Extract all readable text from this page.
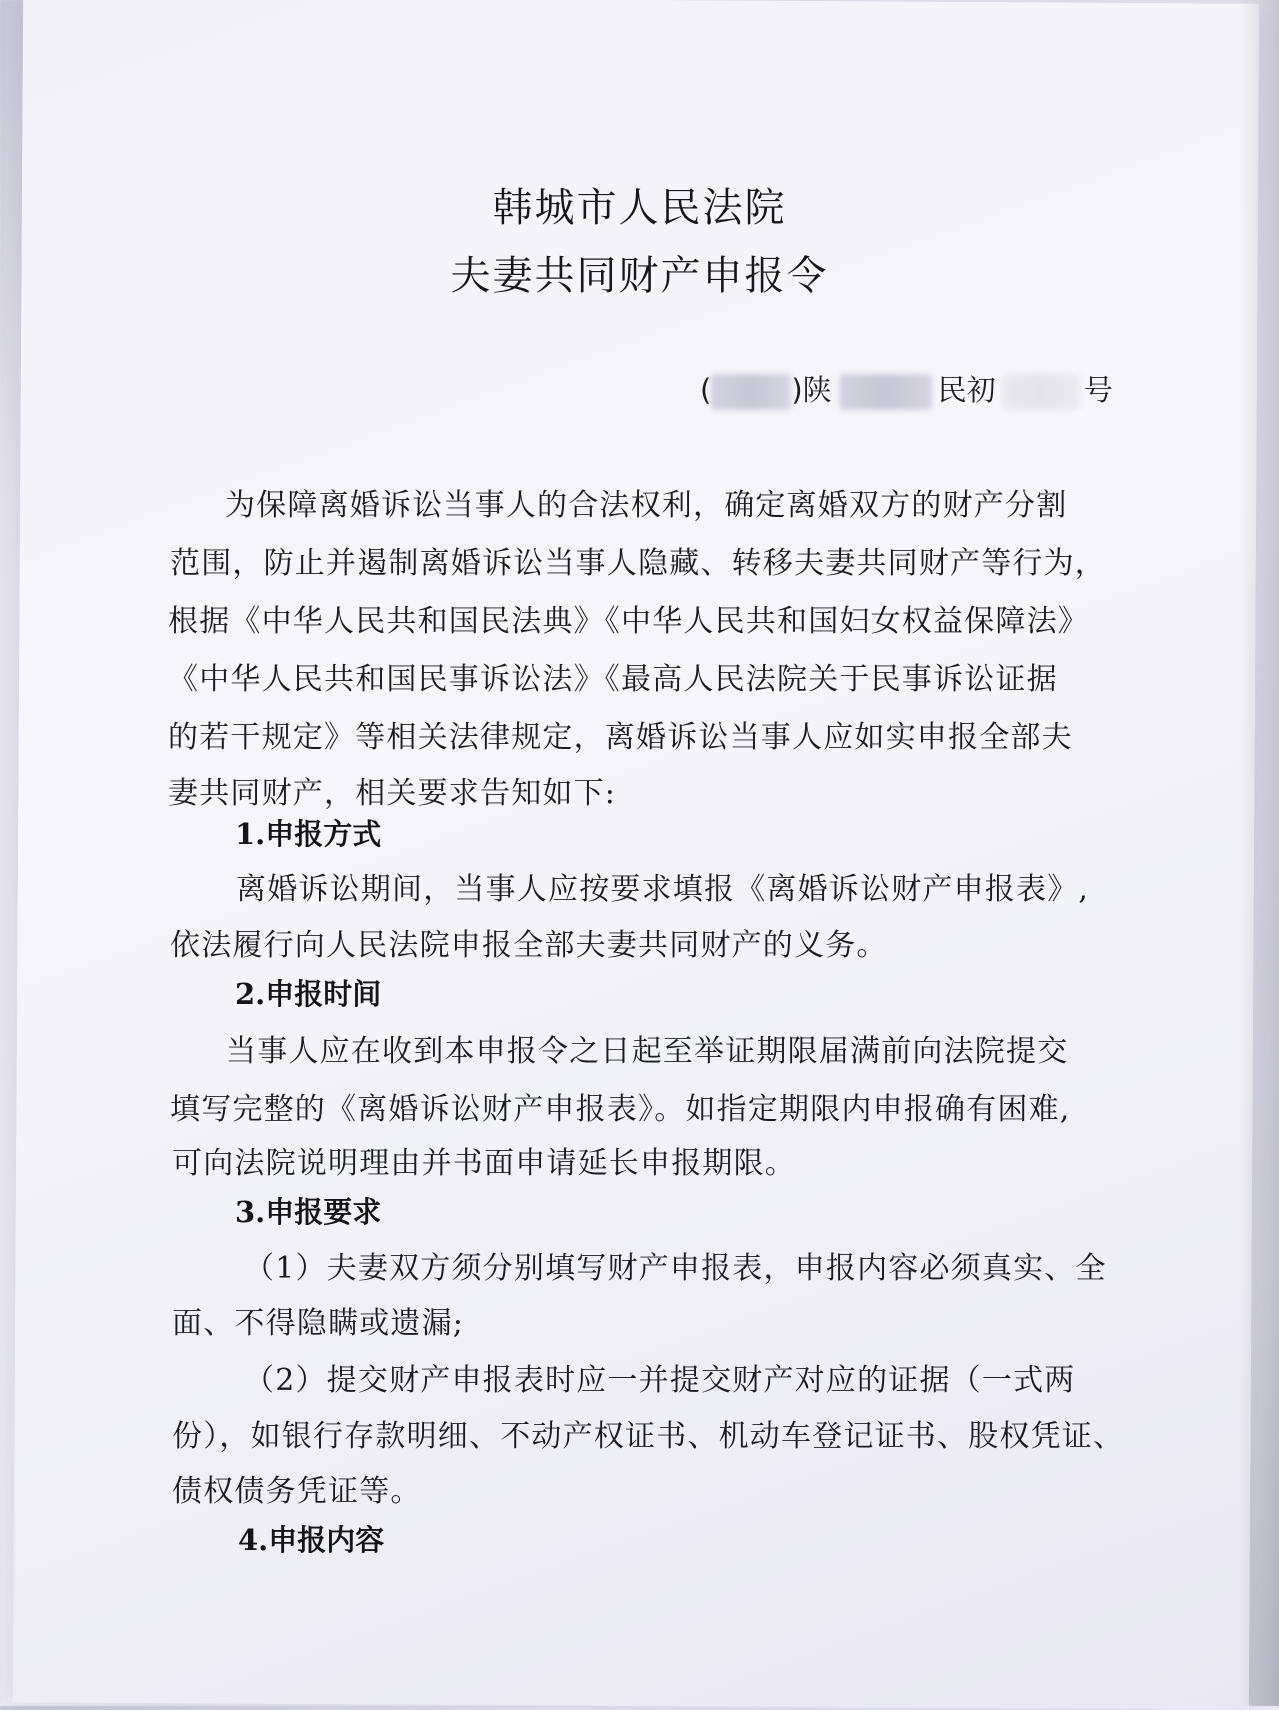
韩城市人民法院
夫妻共同财产申报令
(	)陕	民初	号
为保障离婚诉讼当事人的合法权利，确定离婚双方的财产分割
范围，防止并遏制离婚诉讼当事人隐藏、转移夫妻共同财产等行为，
根据《中华人民共和国民法典》《中华人民共和国妇女权益保障法》
《中华人民共和国民事诉讼法》《最高人民法院关于民事诉讼证据
的若干规定》等相关法律规定，离婚诉讼当事人应如实申报全部夫
妻共同财产，相关要求告知如下:
1.申报方式
离婚诉讼期间，当事人应按要求填报《离婚诉讼财产申报表》,
依法履行向人民法院申报全部夫妻共同财产的义务。
2.申报时间
当事人应在收到本申报令之日起至举证期限届满前向法院提交
填写完整的《离婚诉讼财产申报表》。如指定期限内申报确有困难,
可向法院说明理由并书面申请延长申报期限。
3.申报要求
（1）夫妻双方须分别填写财产申报表，申报内容必须真实、全
面、不得隐瞒或遗漏;
（2）提交财产申报表时应一并提交财产对应的证据（一式两
份），如银行存款明细、不动产权证书、机动车登记证书、股权凭证、
债权债务凭证等。
4.申报内容
